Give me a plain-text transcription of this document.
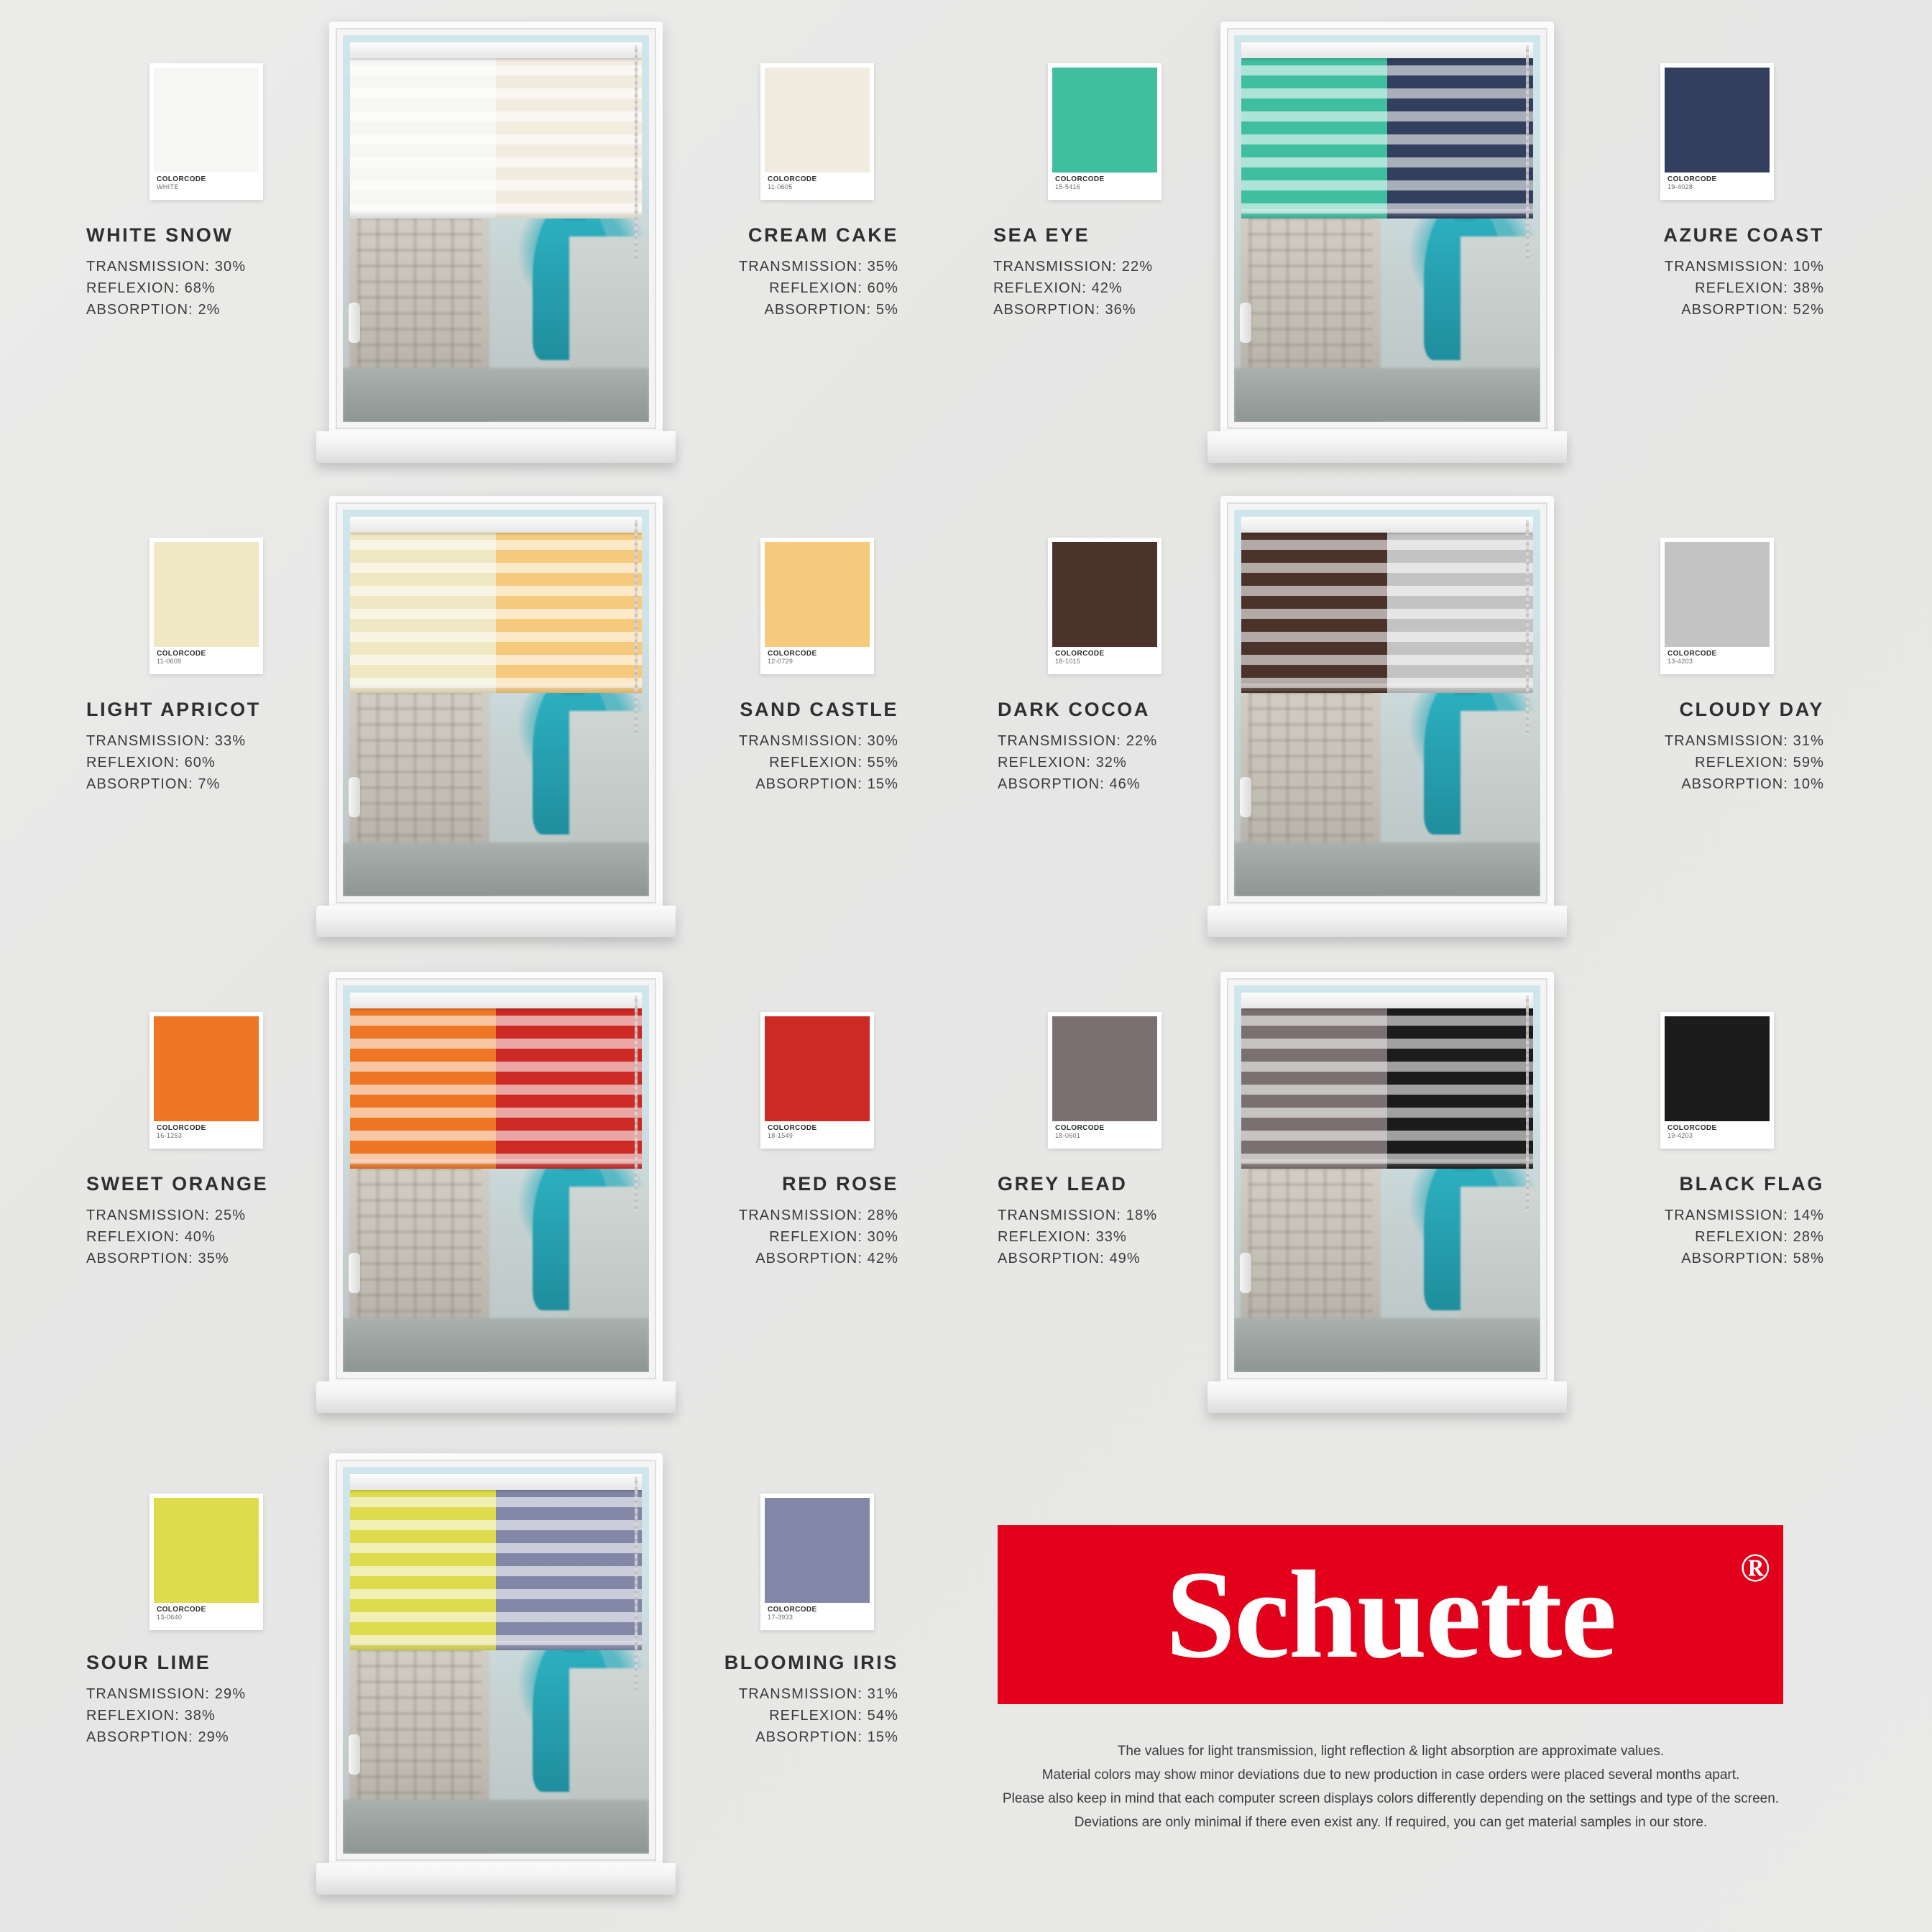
COLORCODE
WHITE
WHITE SNOW
TRANSMISSION: 30%
REFLEXION: 68%
ABSORPTION: 2%
COLORCODE
11-0605
CREAM CAKE
TRANSMISSION: 35%
REFLEXION: 60%
ABSORPTION: 5%
COLORCODE
15-5416
SEA EYE
TRANSMISSION: 22%
REFLEXION: 42%
ABSORPTION: 36%
COLORCODE
19-4028
AZURE COAST
TRANSMISSION: 10%
REFLEXION: 38%
ABSORPTION: 52%
COLORCODE
11-0609
LIGHT APRICOT
TRANSMISSION: 33%
REFLEXION: 60%
ABSORPTION: 7%
COLORCODE
12-0729
SAND CASTLE
TRANSMISSION: 30%
REFLEXION: 55%
ABSORPTION: 15%
COLORCODE
18-1015
DARK COCOA
TRANSMISSION: 22%
REFLEXION: 32%
ABSORPTION: 46%
COLORCODE
13-4203
CLOUDY DAY
TRANSMISSION: 31%
REFLEXION: 59%
ABSORPTION: 10%
COLORCODE
16-1253
SWEET ORANGE
TRANSMISSION: 25%
REFLEXION: 40%
ABSORPTION: 35%
COLORCODE
18-1549
RED ROSE
TRANSMISSION: 28%
REFLEXION: 30%
ABSORPTION: 42%
COLORCODE
18-0601
GREY LEAD
TRANSMISSION: 18%
REFLEXION: 33%
ABSORPTION: 49%
COLORCODE
19-4203
BLACK FLAG
TRANSMISSION: 14%
REFLEXION: 28%
ABSORPTION: 58%
COLORCODE
13-0640
SOUR LIME
TRANSMISSION: 29%
REFLEXION: 38%
ABSORPTION: 29%
COLORCODE
17-3933
BLOOMING IRIS
TRANSMISSION: 31%
REFLEXION: 54%
ABSORPTION: 15%
Schuette	®
The values for light transmission, light reflection & light absorption are approximate values.
Material colors may show minor deviations due to new production in case orders were placed several months apart.
Please also keep in mind that each computer screen displays colors differently depending on the settings and type of the screen.
Deviations are only minimal if there even exist any. If required, you can get material samples in our store.
